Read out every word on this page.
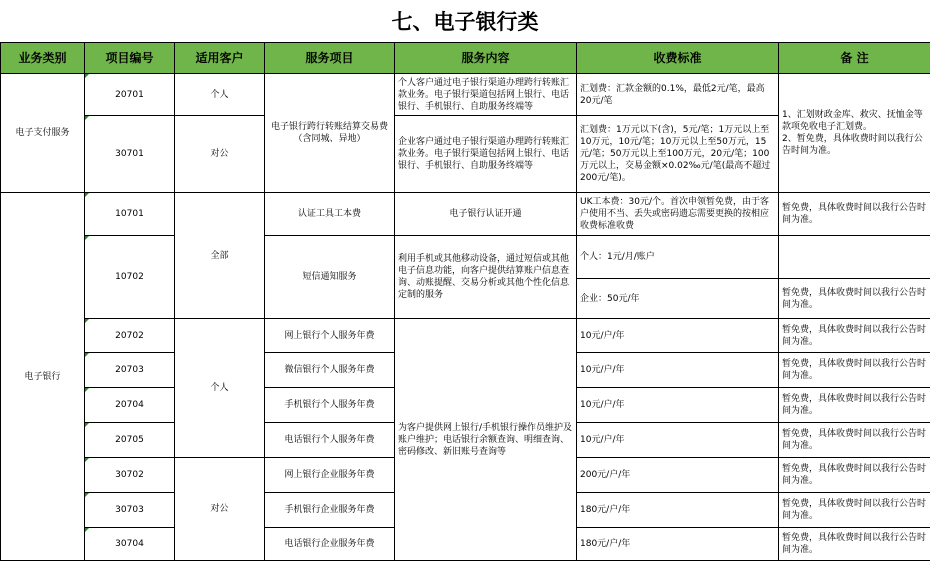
七、电子银行类
业务类别	项目编号	适用客户	服务项目	服务内容	收费标准	备 注
电子支付服务	20701	个人	电子银行跨行转账结算交易费（含同城、异地）	个人客户通过电子银行渠道办理跨行转账汇款业务。电子银行渠道包括网上银行、电话银行、手机银行、自助服务终端等	汇划费：汇款金额的0.1%，最低2元/笔，最高20元/笔	1、汇划财政金库、救灾、抚恤金等款项免收电子汇划费。
2、暂免费，具体收费时间以我行公告时间为准。
	30701	对公		企业客户通过电子银行渠道办理跨行转账汇款业务。电子银行渠道包括网上银行、电话银行、手机银行、自助服务终端等	汇划费：1万元以下(含)，5元/笔；1万元以上至10万元，10元/笔；10万元以上至50万元，15元/笔；50万元以上至100万元，20元/笔；100万元以上，交易金额×0.02‰元/笔(最高不超过200元/笔)。	
电子银行	10701	全部	认证工具工本费	电子银行认证开通	UK工本费：30元/个。首次申领暂免费，由于客户使用不当、丢失或密码遗忘需要更换的按相应收费标准收费	暂免费，具体收费时间以我行公告时间为准。
	10702		短信通知服务	利用手机或其他移动设备，通过短信或其他电子信息功能，向客户提供结算账户信息查询、动账提醒、交易分析或其他个性化信息定制的服务	个人：1元/月/账户	
					企业：50元/年	暂免费，具体收费时间以我行公告时间为准。
	20702	个人	网上银行个人服务年费	为客户提供网上银行/手机银行操作员维护及账户维护；电话银行余额查询、明细查询、密码修改、新旧账号查询等	10元/户/年	暂免费，具体收费时间以我行公告时间为准。
	20703		微信银行个人服务年费		10元/户/年	暂免费，具体收费时间以我行公告时间为准。
	20704		手机银行个人服务年费		10元/户/年	暂免费，具体收费时间以我行公告时间为准。
	20705		电话银行个人服务年费		10元/户/年	暂免费，具体收费时间以我行公告时间为准。
	30702	对公	网上银行企业服务年费		200元/户/年	暂免费，具体收费时间以我行公告时间为准。
	30703		手机银行企业服务年费		180元/户/年	暂免费，具体收费时间以我行公告时间为准。
	30704		电话银行企业服务年费		180元/户/年	暂免费，具体收费时间以我行公告时间为准。
